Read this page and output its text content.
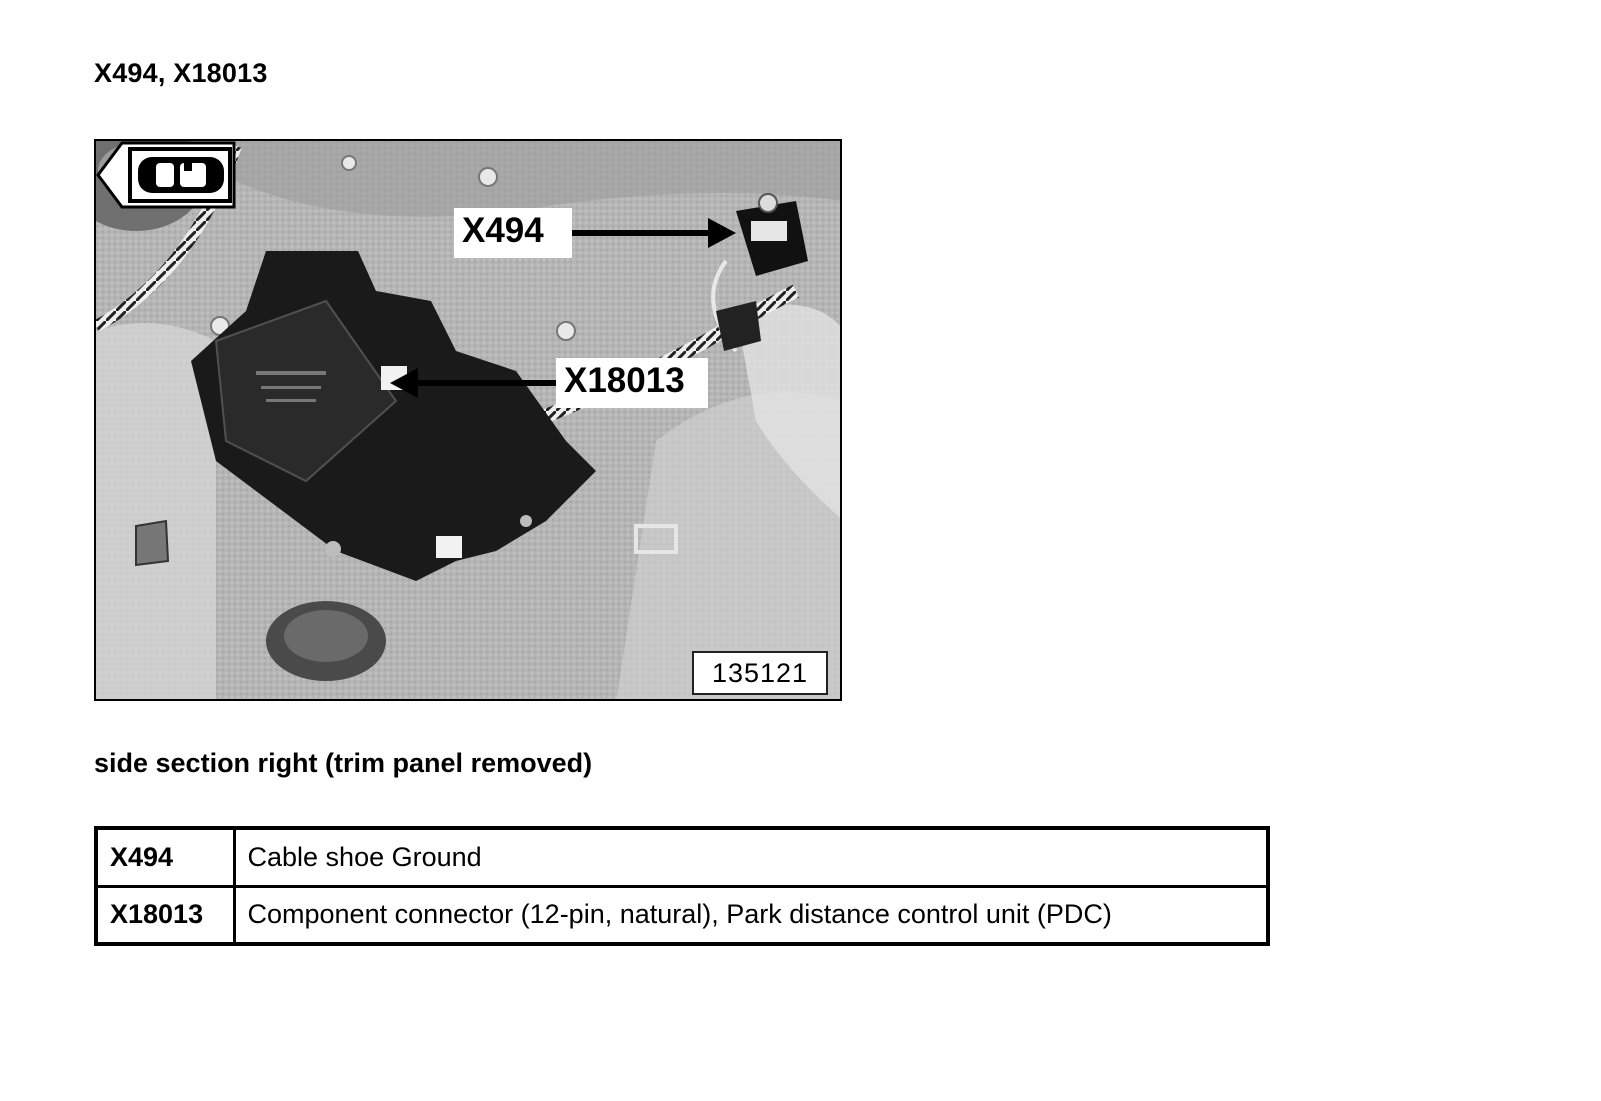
X494, X18013
X494
X18013
135121
side section right (trim panel removed)
X494	Cable shoe Ground
X18013	Component connector (12-pin, natural), Park distance control unit (PDC)
